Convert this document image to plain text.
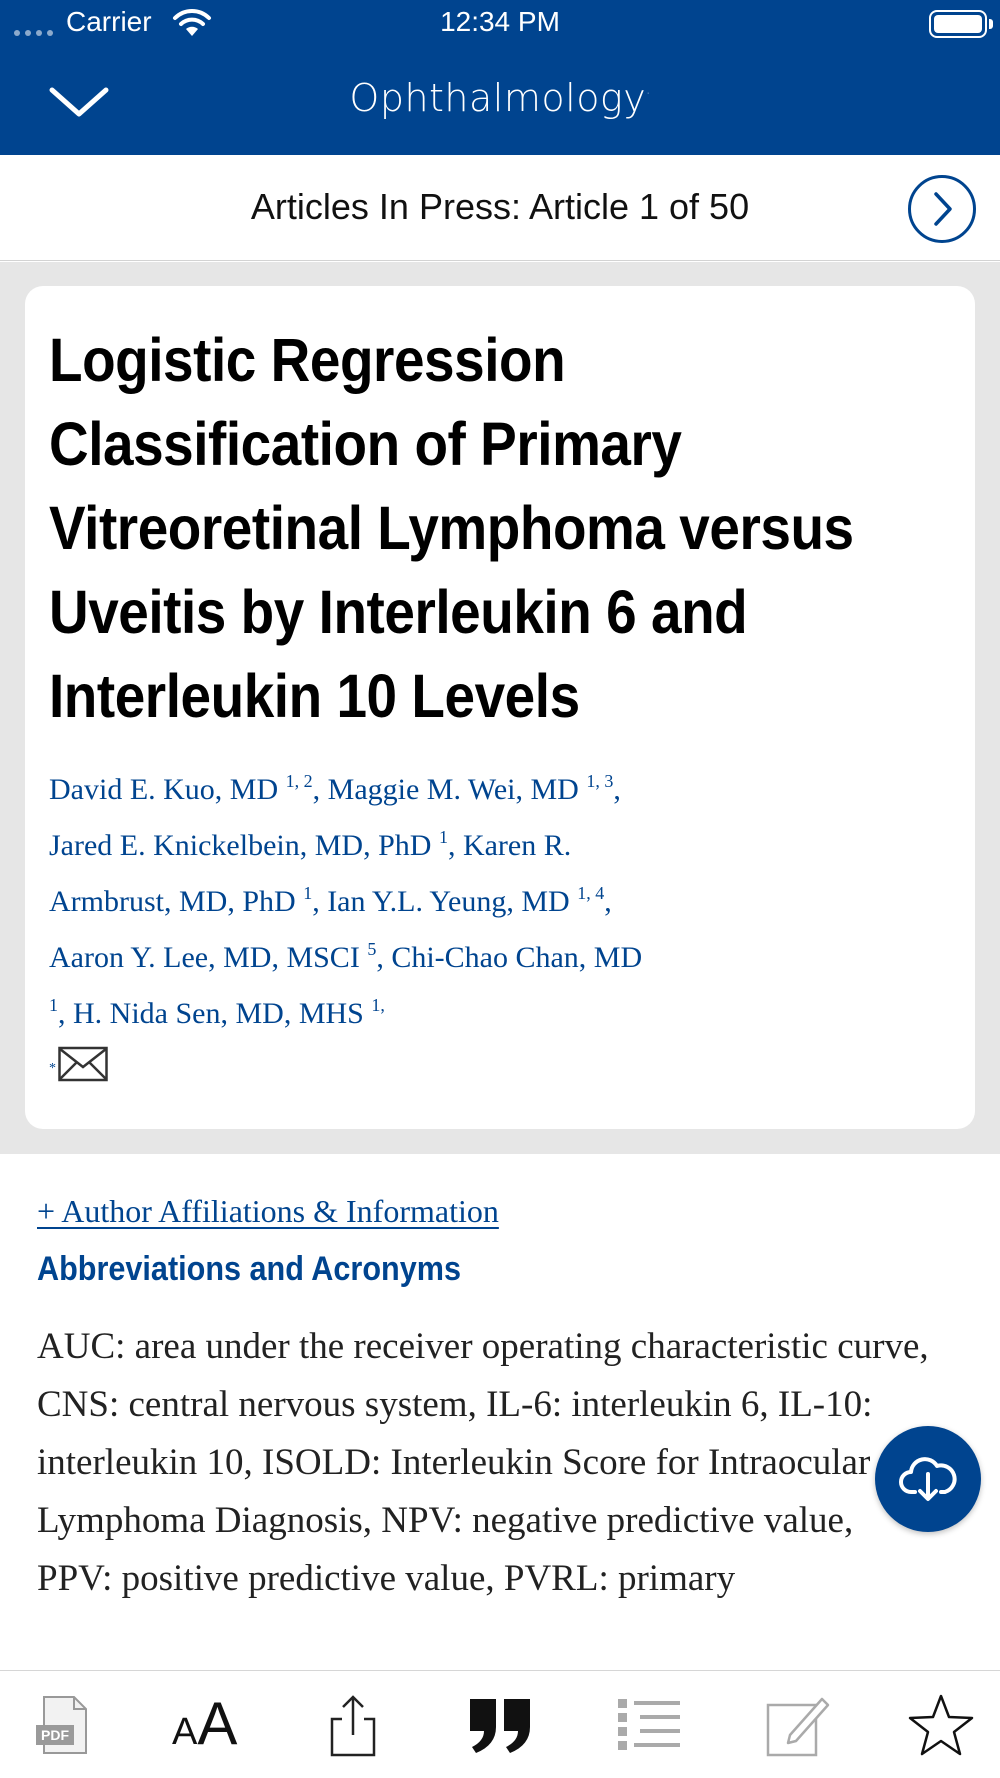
Carrier	12:34 PM
Ophthalmology·
Articles In Press: Article 1 of 50
Logistic Regression Classification of Primary Vitreoretinal Lymphoma versus Uveitis by Interleukin 6 and Interleukin 10 Levels
David E. Kuo, MD $^{1, 2}$, Maggie M. Wei, MD $^{1, 3}$, Jared E. Knickelbein, MD, PhD $^1$, Karen R. Armbrust, MD, PhD $^1$, Ian Y.L. Yeung, MD $^{1, 4}$, Aaron Y. Lee, MD, MSCI $^5$, Chi-Chao Chan, MD $^1$, H. Nida Sen, MD, MHS $^{1,}$
*
+ Author Affiliations & Information
Abbreviations and Acronyms

AUC: area under the receiver operating characteristic curve, CNS: central nervous system, IL-6: interleukin 6, IL-10: interleukin 10, ISOLD: Interleukin Score for Intraocular Lymphoma Diagnosis, NPV: negative predictive value, PPV: positive predictive value, PVRL: primary

PDF	AA
